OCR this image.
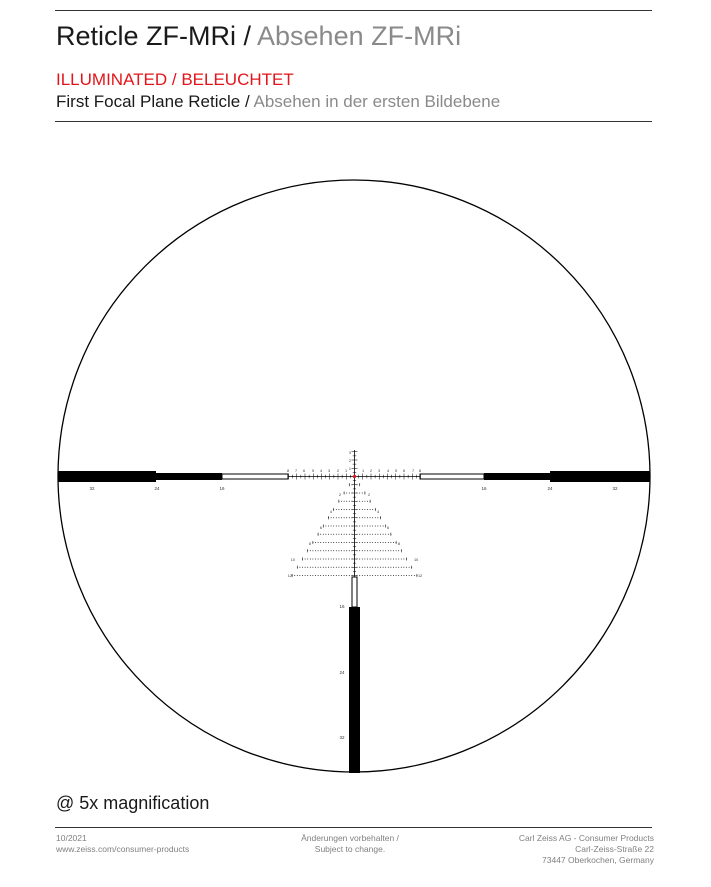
Reticle ZF-MRi / Absehen ZF-MRi
ILLUMINATED / BELEUCHTET
First Focal Plane Reticle / Absehen in der ersten Bildebene
32	24	16	16	24	32
16
24
32
8 7 6 5 4 3 2 1	1 2 3 4 5 6 7 8
1
2
3
2	2
4	4
6	6
8	8
10	10
12	12
@ 5x magnification
10/2021
www.zeiss.com/consumer-products
Änderungen vorbehalten /
Subject to change.
Carl Zeiss AG - Consumer Products
Carl-Zeiss-Straße 22
73447 Oberkochen, Germany
